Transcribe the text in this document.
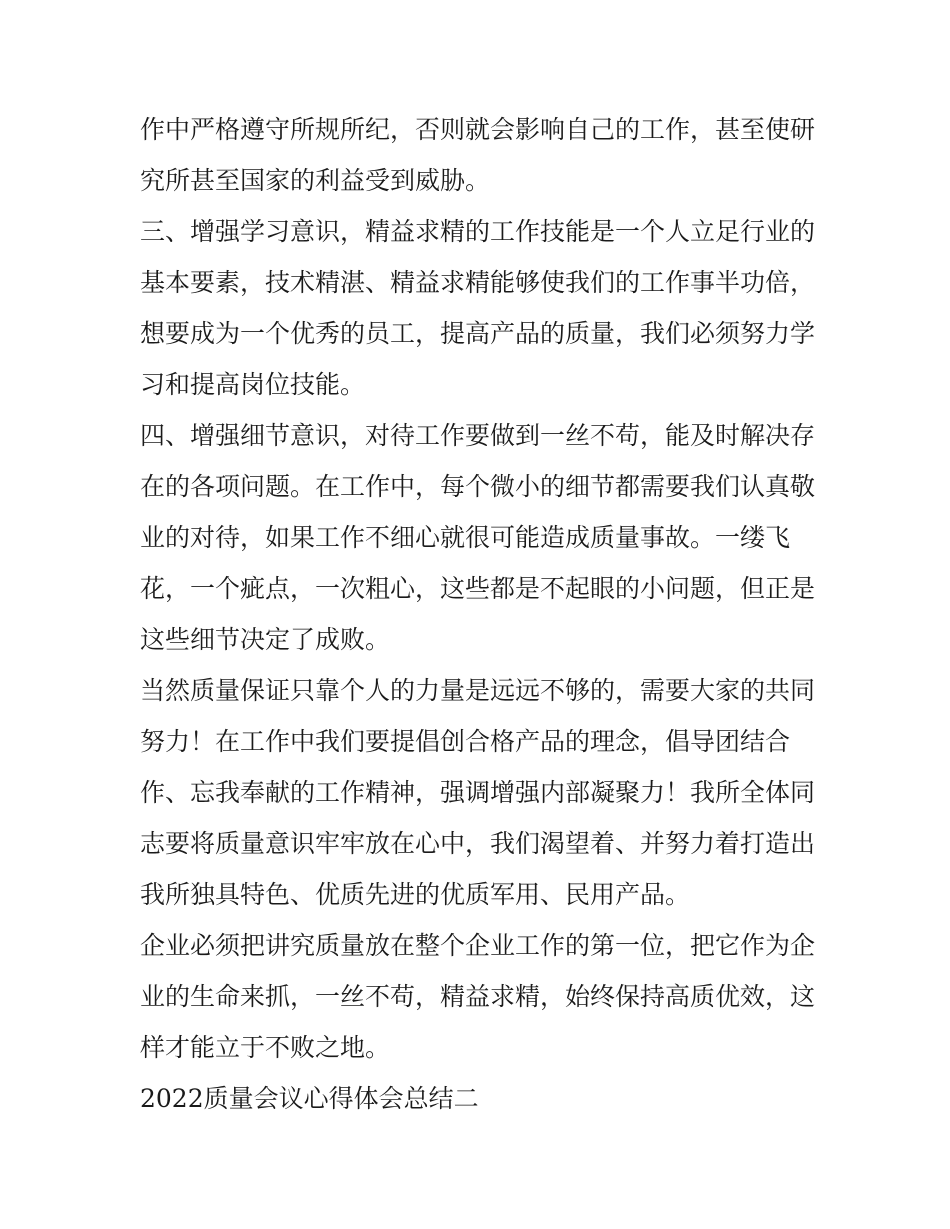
作中严格遵守所规所纪，否则就会影响自己的工作，甚至使研
究所甚至国家的利益受到威胁。
三、增强学习意识，精益求精的工作技能是一个人立足行业的
基本要素，技术精湛、精益求精能够使我们的工作事半功倍，
想要成为一个优秀的员工，提高产品的质量，我们必须努力学
习和提高岗位技能。
四、增强细节意识，对待工作要做到一丝不苟，能及时解决存
在的各项问题。在工作中，每个微小的细节都需要我们认真敬
业的对待，如果工作不细心就很可能造成质量事故。一缕飞
花，一个疵点，一次粗心，这些都是不起眼的小问题，但正是
这些细节决定了成败。
当然质量保证只靠个人的力量是远远不够的，需要大家的共同
努力！在工作中我们要提倡创合格产品的理念，倡导团结合
作、忘我奉献的工作精神，强调增强内部凝聚力！我所全体同
志要将质量意识牢牢放在心中，我们渴望着、并努力着打造出
我所独具特色、优质先进的优质军用、民用产品。
企业必须把讲究质量放在整个企业工作的第一位，把它作为企
业的生命来抓，一丝不苟，精益求精，始终保持高质优效，这
样才能立于不败之地。
2022质量会议心得体会总结二
